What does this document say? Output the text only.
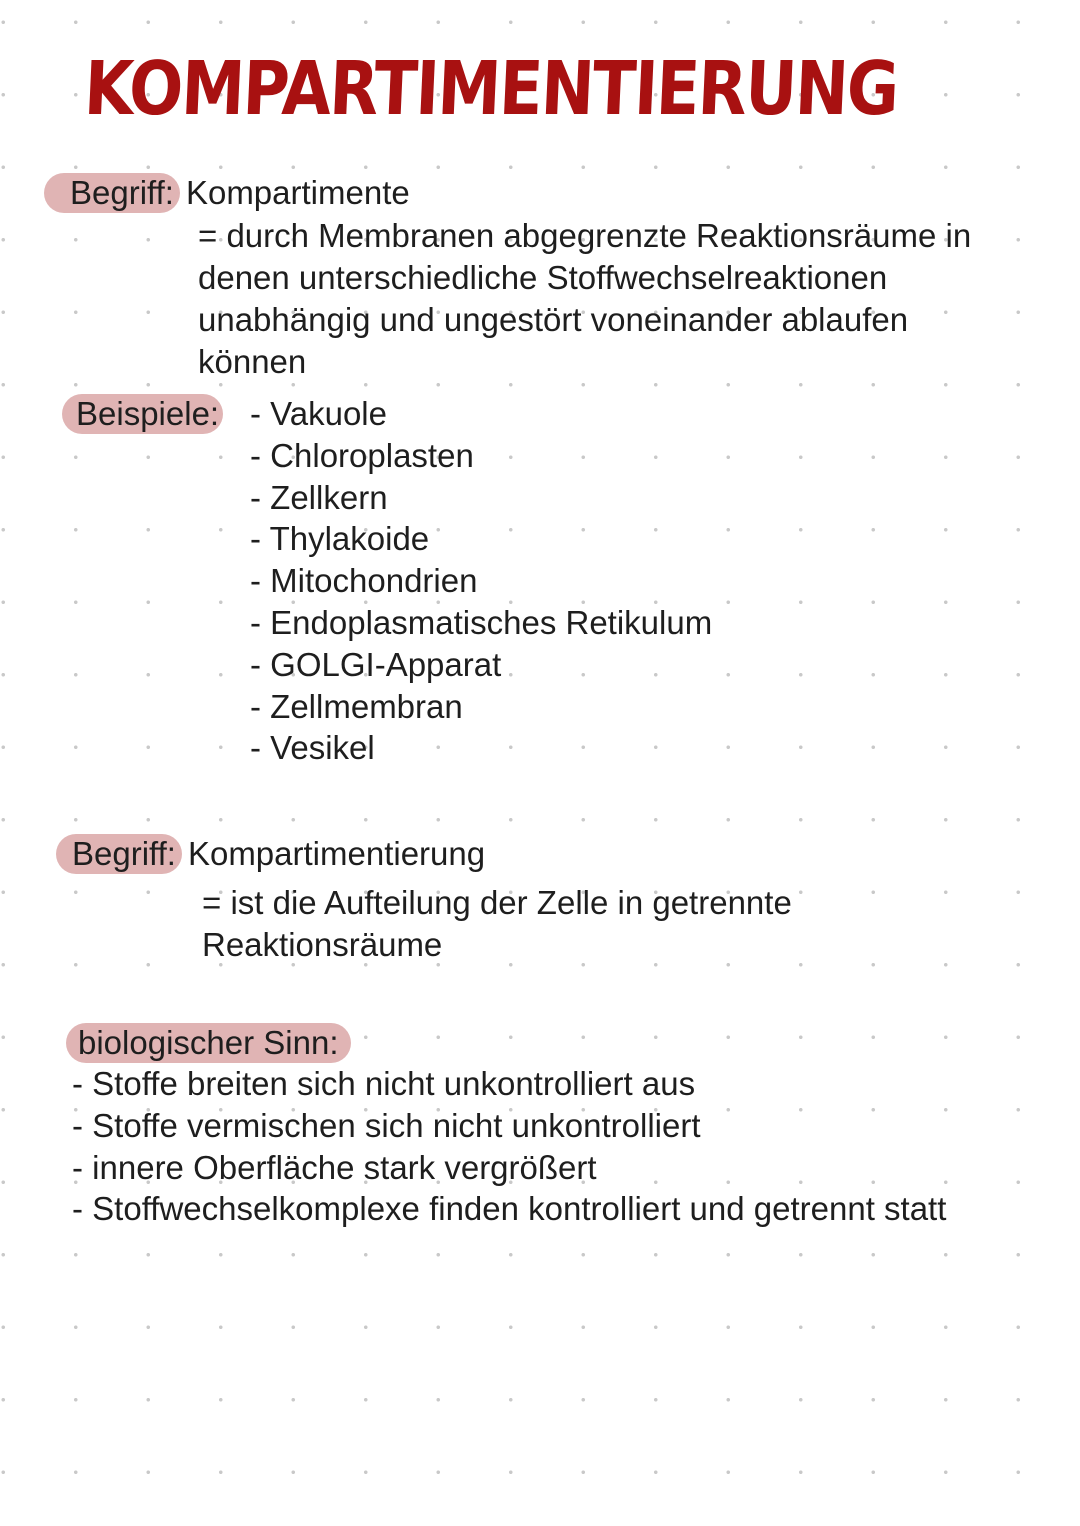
KOMPARTIMENTIERUNG
Begriff: Kompartimente
= durch Membranen abgegrenzte Reaktionsräume in
denen unterschiedliche Stoffwechselreaktionen
unabhängig und ungestört voneinander ablaufen
können
Beispiele:
-	Vakuole
- Chloroplasten
- Zellkern
- Thylakoide
- Mitochondrien
- Endoplasmatisches Retikulum
- GOLGI-Apparat
- Zellmembran
- Vesikel
Begriff: Kompartimentierung
= ist die Aufteilung der Zelle in getrennte
Reaktionsräume
biologischer Sinn:
- Stoffe breiten sich nicht unkontrolliert aus
- Stoffe vermischen sich nicht unkontrolliert
- innere Oberfläche stark vergrößert
- Stoffwechselkomplexe finden kontrolliert und getrennt statt
